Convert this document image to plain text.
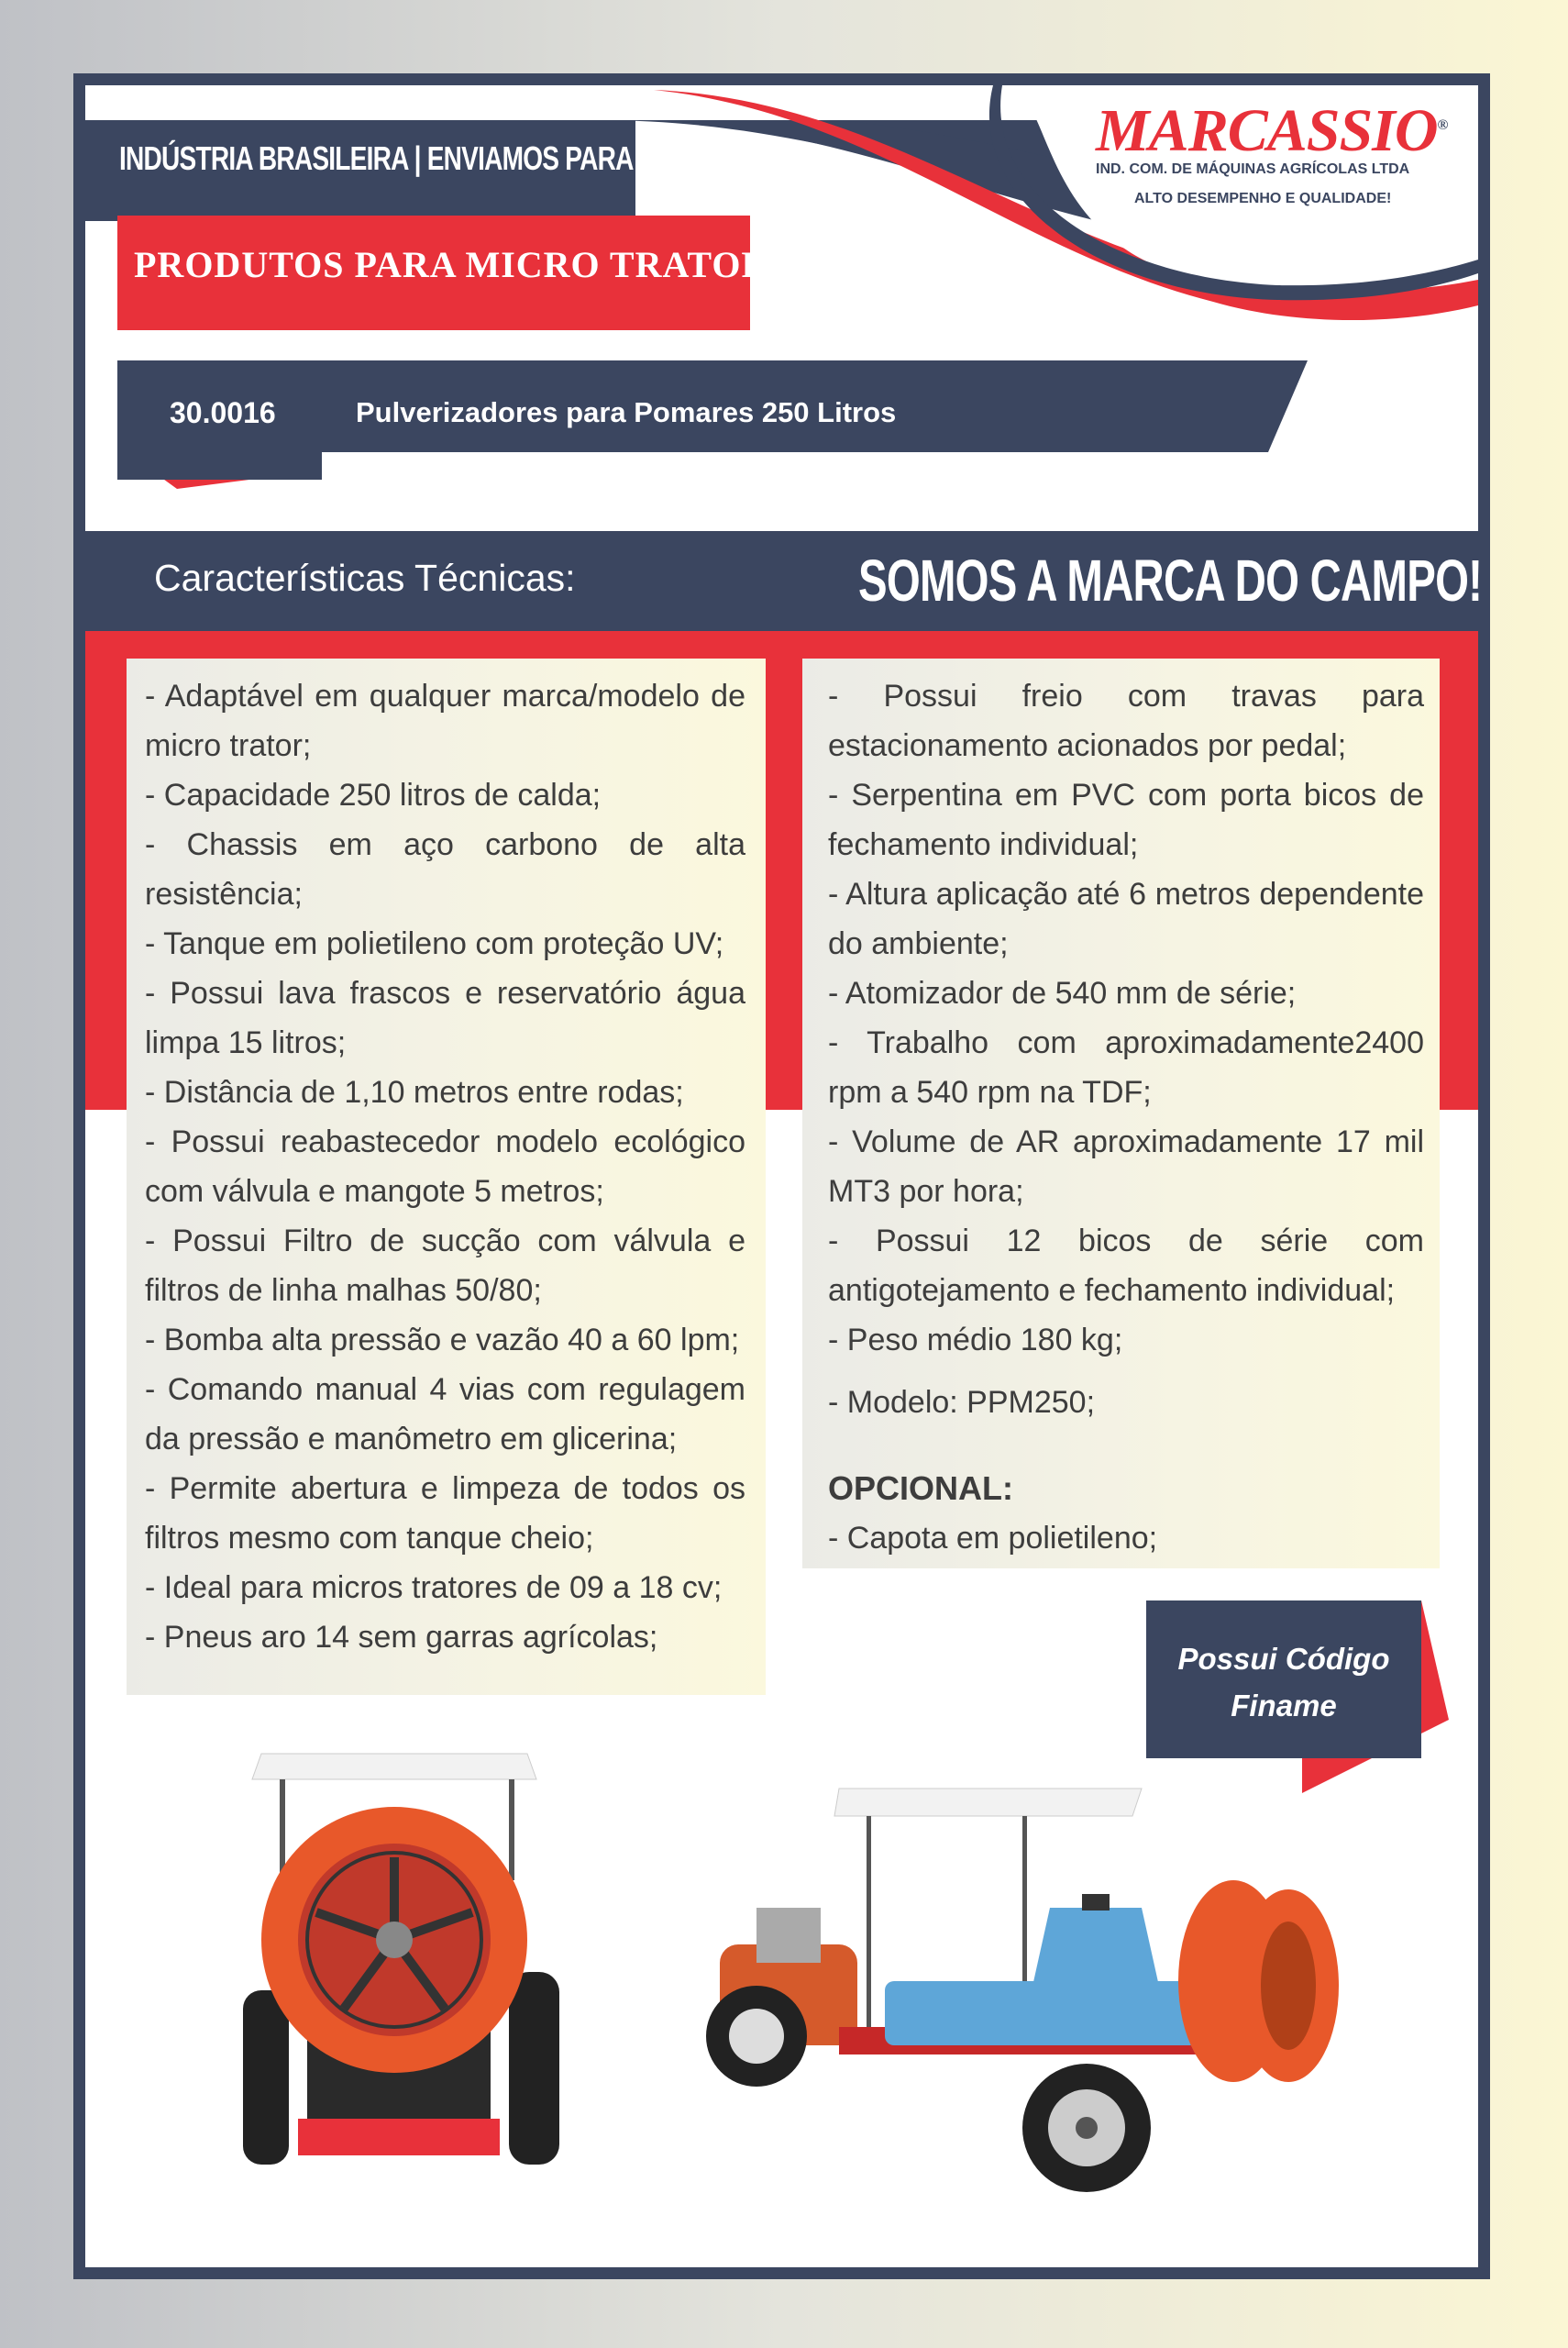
INDÚSTRIA BRASILEIRA | ENVIAMOS PARA TODO O BRASIL
PRODUTOS PARA MICRO TRATOR
30.0016	Pulverizadores para Pomares 250 Litros
MARCASSIO®
IND. COM. DE MÁQUINAS AGRÍCOLAS LTDA
ALTO DESEMPENHO E QUALIDADE!
Características Técnicas:	SOMOS A MARCA DO CAMPO!
- Adaptável em qualquer marca/modelo de micro trator;
- Capacidade 250 litros de calda;
- Chassis em aço carbono de alta resistência;
- Tanque em polietileno com proteção UV;
- Possui lava frascos e reservatório água limpa 15 litros;
- Distância de 1,10 metros entre rodas;
- Possui reabastecedor modelo ecológico com válvula e mangote 5 metros;
- Possui Filtro de sucção com válvula e filtros de linha malhas 50/80;
- Bomba alta pressão e vazão 40 a 60 lpm;
- Comando manual 4 vias com regulagem da pressão e manômetro em glicerina;
- Permite abertura e limpeza de todos os filtros mesmo com tanque cheio;
- Ideal para micros tratores de 09 a 18 cv;
- Pneus aro 14 sem garras agrícolas;
- Possui freio com travas para estacionamento acionados por pedal;
- Serpentina em PVC com porta bicos de fechamento individual;
- Altura aplicação até 6 metros dependente do ambiente;
- Atomizador de 540 mm de série;
- Trabalho com aproximadamente2400 rpm a 540 rpm na TDF;
- Volume de AR aproximadamente 17 mil MT3 por hora;
- Possui 12 bicos de série com antigotejamento e fechamento individual;
- Peso médio 180 kg;
- Modelo: PPM250;
OPCIONAL:
- Capota em polietileno;
Possui Código
Finame
